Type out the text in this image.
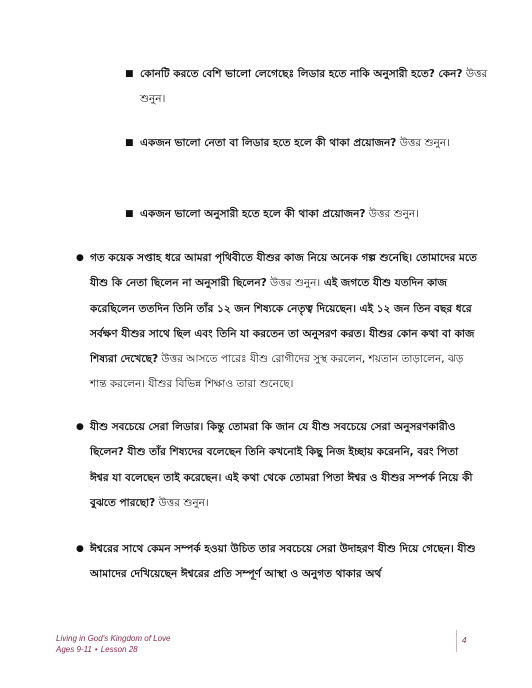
■ কোনটি করতে বেশি ভালো লেগেছেঃ লিডার হতে নাকি অনুসারী হতে? কেন? উত্তর শুনুন।
■ একজন ভালো নেতা বা লিডার হতে হলে কী থাকা প্রয়োজন? উত্তর শুনুন।
■ একজন ভালো অনুসারী হতে হলে কী থাকা প্রয়োজন? উত্তর শুনুন।
● গত কয়েক সপ্তাহ ধরে আমরা পৃথিবীতে যীশুর কাজ নিয়ে অনেক গল্প শুনেছি। তোমাদের মতে যীশু কি নেতা ছিলেন না অনুসারী ছিলেন? উত্তর শুনুন। এই জগতে যীশু যতদিন কাজ করেছিলেন ততদিন তিনি তাঁর ১২ জন শিষ্যকে নেতৃত্ব দিয়েছেন। এই ১২ জন তিন বছর ধরে সর্বক্ষণ যীশুর সাথে ছিল এবং তিনি যা করতেন তা অনুসরণ করত। যীশুর কোন কথা বা কাজ শিষ্যরা দেখেছে? উত্তর আসতে পারেঃ যীশু রোগীদের সুস্থ করলেন, শয়তান তাড়ালেন, ঝড় শান্ত করলেন। যীশুর বিভিন্ন শিক্ষাও তারা শুনেছে।
● যীশু সবচেয়ে সেরা লিডার। কিন্তু তোমরা কি জান যে যীশু সবচেয়ে সেরা অনুসরণকারীও ছিলেন? যীশু তাঁর শিষ্যদের বলেছেন তিনি কখনোই কিছু নিজ ইচ্ছায় করেননি, বরং পিতা ঈশ্বর যা বলেছেন তাই করেছেন। এই কথা থেকে তোমরা পিতা ঈশ্বর ও যীশুর সম্পর্ক নিয়ে কী বুঝতে পারছো? উত্তর শুনুন।
● ঈশ্বরের সাথে কেমন সম্পর্ক হওয়া উচিত তার সবচেয়ে সেরা উদাহরণ যীশু দিয়ে গেছেন। যীশু আমাদের দেখিয়েছেন ঈশ্বরের প্রতি সম্পূর্ণ আস্থা ও অনুগত থাকার অর্থ
Living in God's Kingdom of Love
Ages 9-11 • Lesson 28
4
